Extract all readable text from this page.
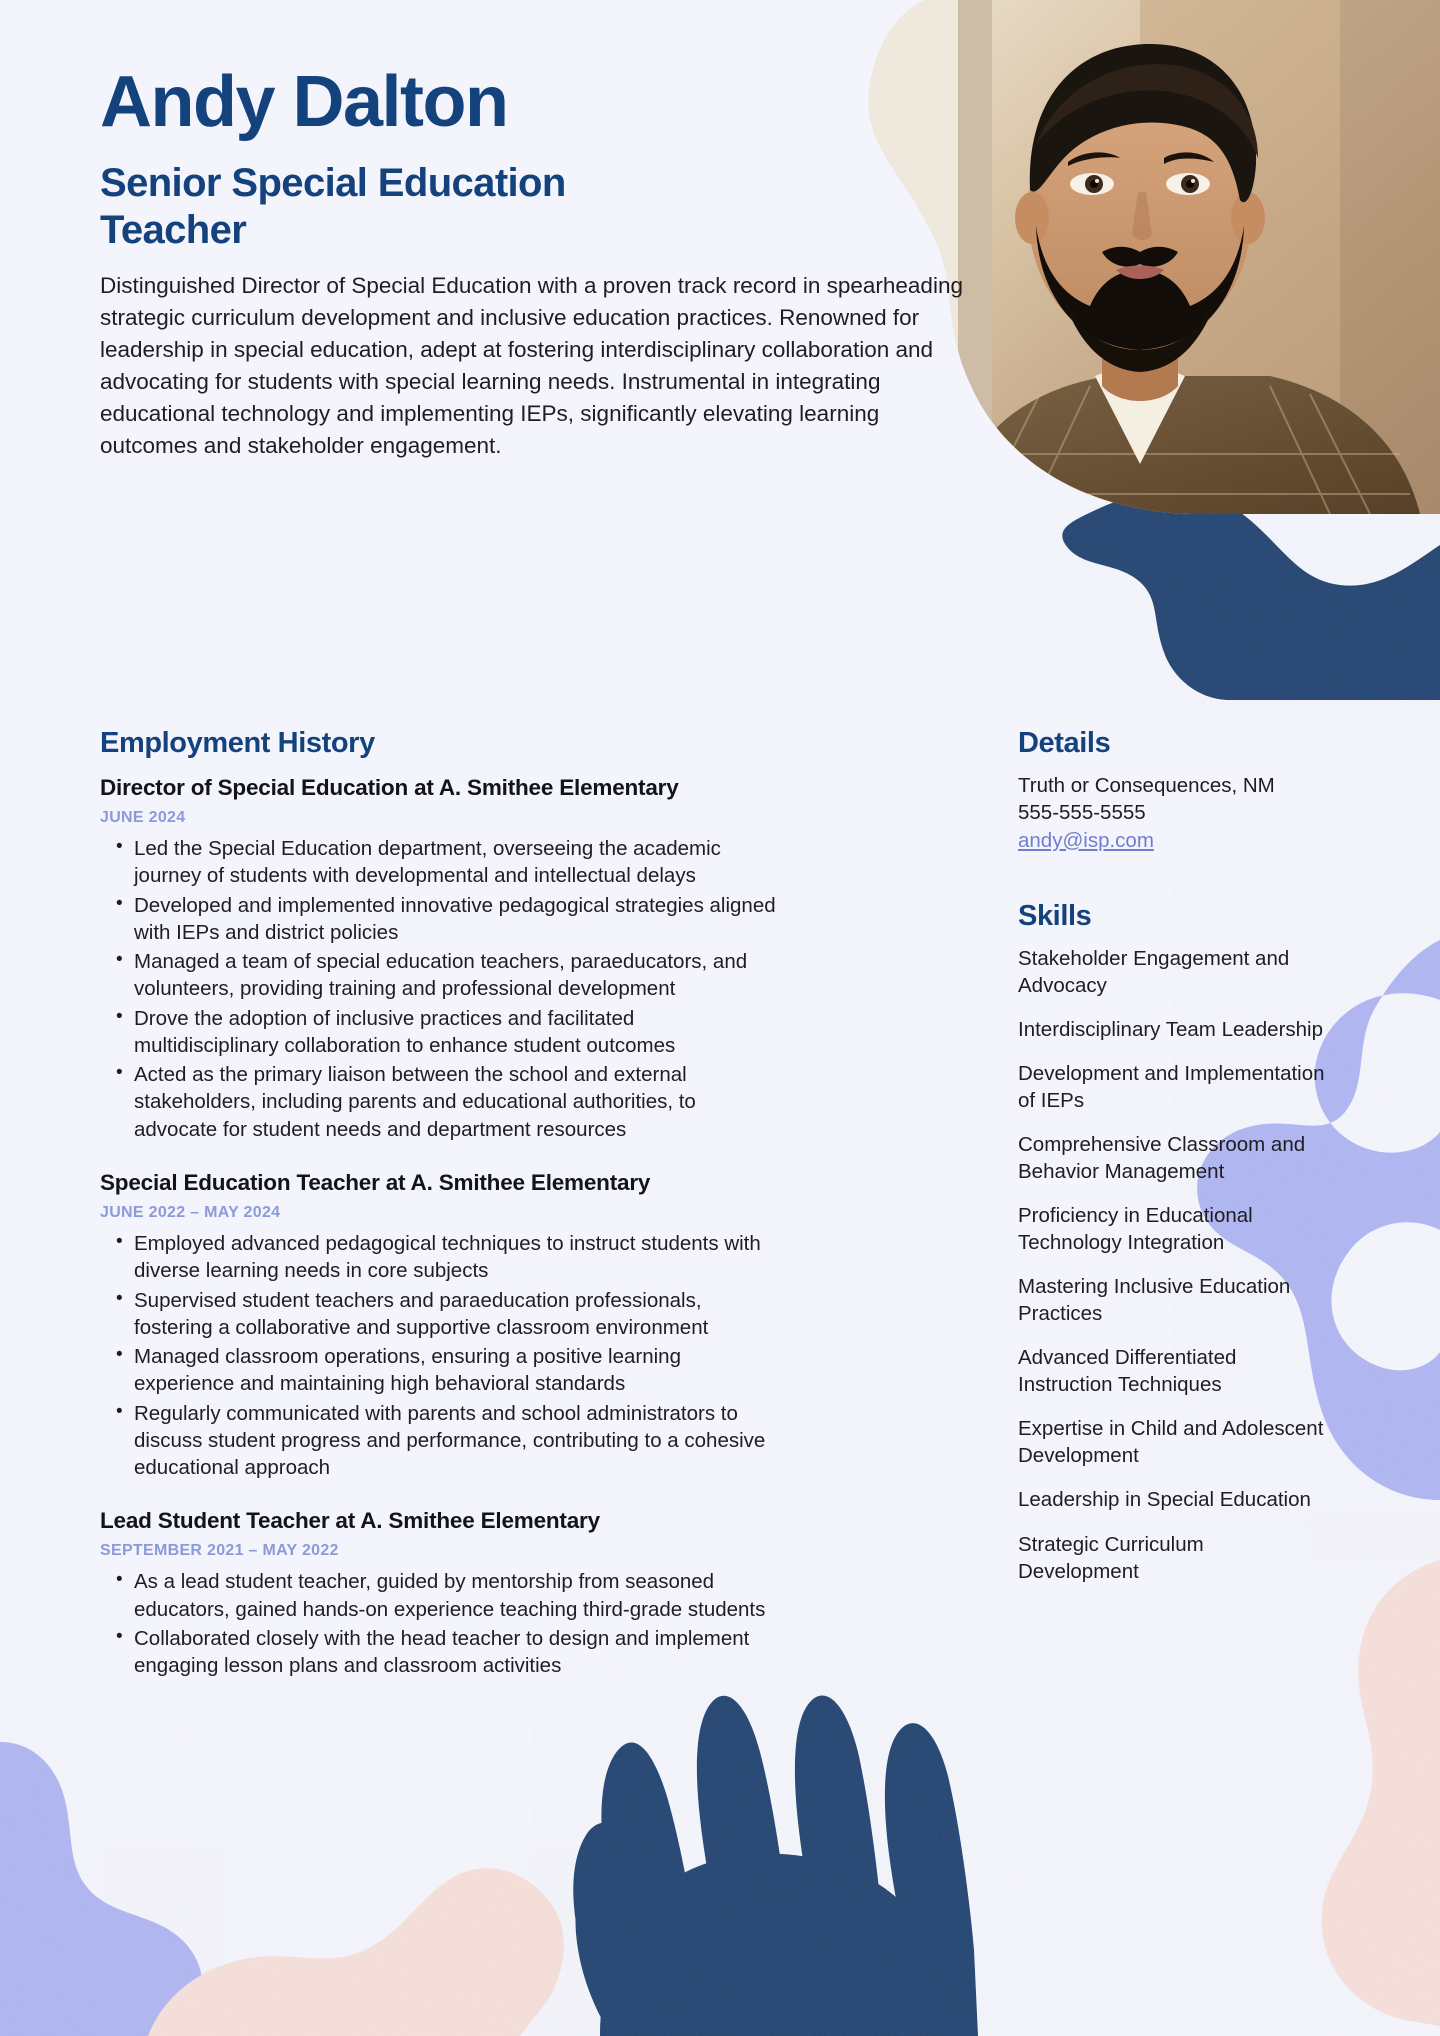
Andy Dalton
Senior Special Education Teacher
Distinguished Director of Special Education with a proven track record in spearheading strategic curriculum development and inclusive education practices. Renowned for leadership in special education, adept at fostering interdisciplinary collaboration and advocating for students with special learning needs. Instrumental in integrating educational technology and implementing IEPs, significantly elevating learning outcomes and stakeholder engagement.
Employment History
Director of Special Education at A. Smithee Elementary
JUNE 2024
• Led the Special Education department, overseeing the academic journey of students with developmental and intellectual delays
• Developed and implemented innovative pedagogical strategies aligned with IEPs and district policies
• Managed a team of special education teachers, paraeducators, and volunteers, providing training and professional development
• Drove the adoption of inclusive practices and facilitated multidisciplinary collaboration to enhance student outcomes
• Acted as the primary liaison between the school and external stakeholders, including parents and educational authorities, to advocate for student needs and department resources
Special Education Teacher at A. Smithee Elementary
JUNE 2022 – MAY 2024
• Employed advanced pedagogical techniques to instruct students with diverse learning needs in core subjects
• Supervised student teachers and paraeducation professionals, fostering a collaborative and supportive classroom environment
• Managed classroom operations, ensuring a positive learning experience and maintaining high behavioral standards
• Regularly communicated with parents and school administrators to discuss student progress and performance, contributing to a cohesive educational approach
Lead Student Teacher at A. Smithee Elementary
SEPTEMBER 2021 – MAY 2022
• As a lead student teacher, guided by mentorship from seasoned educators, gained hands-on experience teaching third-grade students
• Collaborated closely with the head teacher to design and implement engaging lesson plans and classroom activities
Details
Truth or Consequences, NM
555-555-5555
andy@isp.com
Skills
Stakeholder Engagement and Advocacy
Interdisciplinary Team Leadership
Development and Implementation of IEPs
Comprehensive Classroom and Behavior Management
Proficiency in Educational Technology Integration
Mastering Inclusive Education Practices
Advanced Differentiated Instruction Techniques
Expertise in Child and Adolescent Development
Leadership in Special Education
Strategic Curriculum Development
